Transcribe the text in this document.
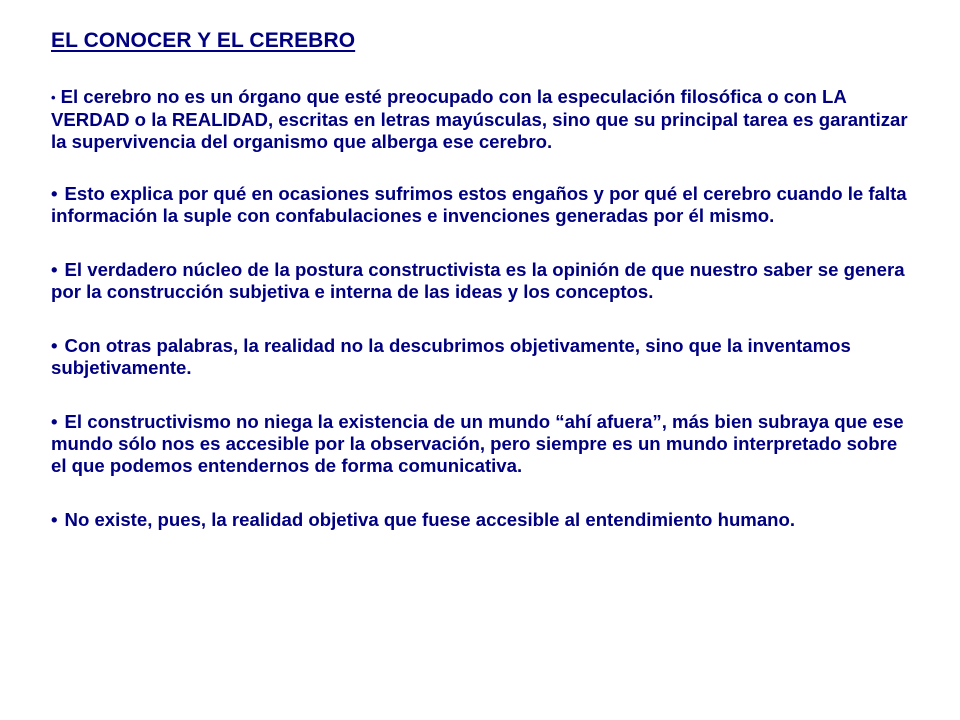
EL CONOCER Y EL CEREBRO
• El cerebro no es un órgano que esté preocupado con la especulación filosófica o con LA VERDAD o la REALIDAD, escritas en letras mayúsculas, sino que su principal tarea es garantizar la supervivencia del organismo que alberga ese cerebro.
• Esto explica por qué en ocasiones sufrimos estos engaños y por qué el cerebro cuando le falta información la suple con confabulaciones e invenciones generadas por él mismo.
• El verdadero núcleo de la postura constructivista es la opinión de que nuestro saber se genera por la construcción subjetiva e interna de las ideas y los conceptos.
• Con otras palabras, la realidad no la descubrimos objetivamente, sino que la inventamos subjetivamente.
• El constructivismo no niega la existencia de un mundo “ahí afuera”, más bien subraya que ese mundo sólo nos es accesible por la observación, pero siempre es un mundo interpretado sobre el que podemos entendernos de forma comunicativa.
• No existe, pues, la realidad objetiva que fuese accesible al entendimiento humano.
